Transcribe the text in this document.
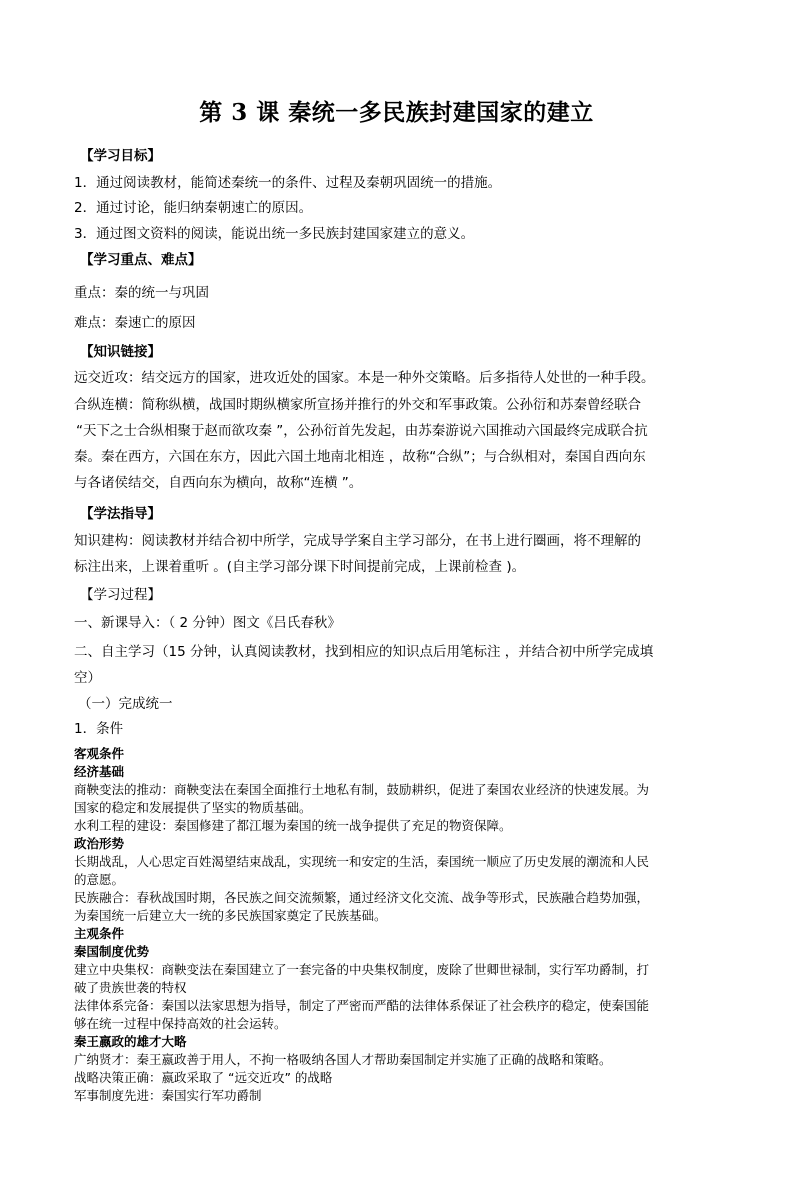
第 3 课 秦统一多民族封建国家的建立
【学习目标】
1．通过阅读教材，能简述秦统一的条件、过程及秦朝巩固统一的措施。
2．通过讨论，能归纳秦朝速亡的原因。
3．通过图文资料的阅读，能说出统一多民族封建国家建立的意义。
【学习重点、难点】
重点：秦的统一与巩固
难点：秦速亡的原因
【知识链接】
远交近攻：结交远方的国家，进攻近处的国家。本是一种外交策略。后多指待人处世的一种手段。
合纵连横：简称纵横，战国时期纵横家所宣扬并推行的外交和军事政策。公孙衍和苏秦曾经联合
“天下之士合纵相聚于赵而欲攻秦 ”，公孙衍首先发起，由苏秦游说六国推动六国最终完成联合抗
秦。秦在西方，六国在东方，因此六国土地南北相连 ，故称“合纵”；与合纵相对，秦国自西向东
与各诸侯结交，自西向东为横向，故称“连横 ”。
【学法指导】
知识建构：阅读教材并结合初中所学，完成导学案自主学习部分，在书上进行圈画，将不理解的
标注出来，上课着重听 。(自主学习部分课下时间提前完成，上课前检查 )。
【学习过程】
一、新课导入：（ 2 分钟）图文《吕氏春秋》
二、自主学习（15 分钟，认真阅读教材，找到相应的知识点后用笔标注 ，并结合初中所学完成填
空）
（一）完成统一
1．条件
客观条件
经济基础
商鞅变法的推动：商鞅变法在秦国全面推行土地私有制，鼓励耕织，促进了秦国农业经济的快速发展。为
国家的稳定和发展提供了坚实的物质基础。
水利工程的建设：秦国修建了都江堰为秦国的统一战争提供了充足的物资保障。
政治形势
长期战乱，人心思定百姓渴望结束战乱，实现统一和安定的生活，秦国统一顺应了历史发展的潮流和人民
的意愿。
民族融合：春秋战国时期，各民族之间交流频繁，通过经济文化交流、战争等形式，民族融合趋势加强，
为秦国统一后建立大一统的多民族国家奠定了民族基础。
主观条件
秦国制度优势
建立中央集权：商鞅变法在秦国建立了一套完备的中央集权制度，废除了世卿世禄制，实行军功爵制，打
破了贵族世袭的特权
法律体系完备：秦国以法家思想为指导，制定了严密而严酷的法律体系保证了社会秩序的稳定，使秦国能
够在统一过程中保持高效的社会运转。
秦王嬴政的雄才大略
广纳贤才：秦王嬴政善于用人，不拘一格吸纳各国人才帮助秦国制定并实施了正确的战略和策略。
战略决策正确：嬴政采取了 “远交近攻” 的战略
军事制度先进：秦国实行军功爵制
